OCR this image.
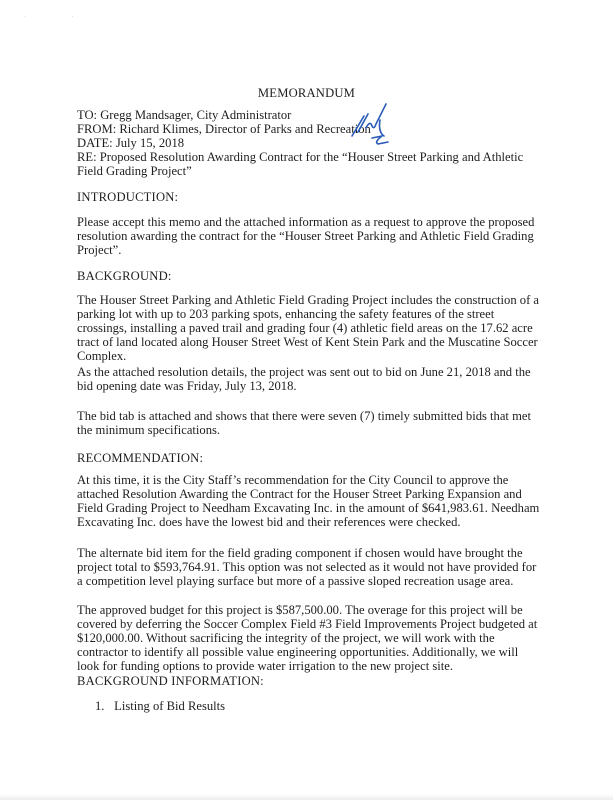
· ·
MEMORANDUM
TO: Gregg Mandsager, City Administrator
FROM: Richard Klimes, Director of Parks and Recreation
DATE: July 15, 2018
RE: Proposed Resolution Awarding Contract for the “Houser Street Parking and Athletic Field Grading Project”
INTRODUCTION:
Please accept this memo and the attached information as a request to approve the proposed resolution awarding the contract for the “Houser Street Parking and Athletic Field Grading Project”.
BACKGROUND:
The Houser Street Parking and Athletic Field Grading Project includes the construction of a parking lot with up to 203 parking spots, enhancing the safety features of the street crossings, installing a paved trail and grading four (4) athletic field areas on the 17.62 acre tract of land located along Houser Street West of Kent Stein Park and the Muscatine Soccer Complex.
As the attached resolution details, the project was sent out to bid on June 21, 2018 and the bid opening date was Friday, July 13, 2018.
The bid tab is attached and shows that there were seven (7) timely submitted bids that met the minimum specifications.
RECOMMENDATION:
At this time, it is the City Staff’s recommendation for the City Council to approve the attached Resolution Awarding the Contract for the Houser Street Parking Expansion and Field Grading Project to Needham Excavating Inc. in the amount of $641,983.61. Needham Excavating Inc. does have the lowest bid and their references were checked.
The alternate bid item for the field grading component if chosen would have brought the project total to $593,764.91. This option was not selected as it would not have provided for a competition level playing surface but more of a passive sloped recreation usage area.
The approved budget for this project is $587,500.00. The overage for this project will be covered by deferring the Soccer Complex Field #3 Field Improvements Project budgeted at $120,000.00. Without sacrificing the integrity of the project, we will work with the contractor to identify all possible value engineering opportunities. Additionally, we will look for funding options to provide water irrigation to the new project site.
BACKGROUND INFORMATION:
1. Listing of Bid Results
